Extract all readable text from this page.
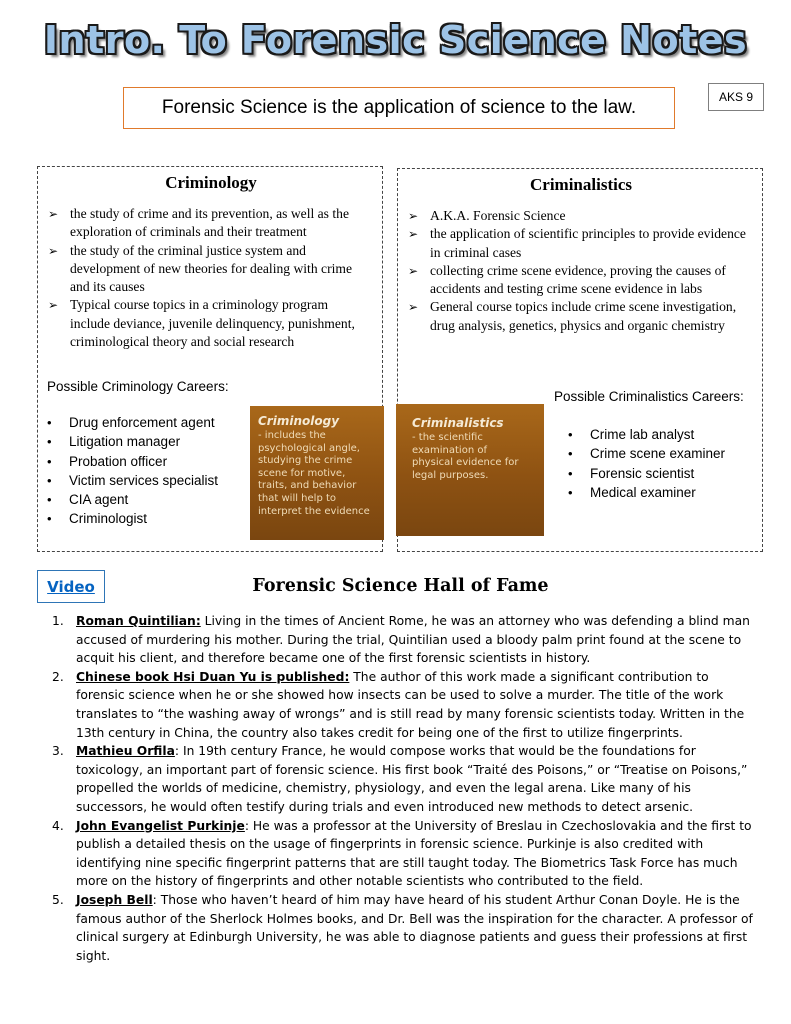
Intro. To Forensic Science Notes
Forensic Science is the application of science to the law.	AKS 9
Criminology
➢ the study of crime and its prevention, as well as the exploration of criminals and their treatment
➢ the study of the criminal justice system and development of new theories for dealing with crime and its causes
➢ Typical course topics in a criminology program include deviance, juvenile delinquency, punishment, criminological theory and social research
Possible Criminology Careers:
• Drug enforcement agent
• Litigation manager
• Probation officer
• Victim services specialist
• CIA agent
• Criminologist
Criminology
- includes the
psychological angle,
studying the crime
scene for motive,
traits, and behavior
that will help to
interpret the evidence
Criminalistics
➢ A.K.A. Forensic Science
➢ the application of scientific principles to provide evidence in criminal cases
➢ collecting crime scene evidence, proving the causes of accidents and testing crime scene evidence in labs
➢ General course topics include crime scene investigation, drug analysis, genetics, physics and organic chemistry
Possible Criminalistics Careers:
• Crime lab analyst
• Crime scene examiner
• Forensic scientist
• Medical examiner
Criminalistics
- the scientific
examination of
physical evidence for
legal purposes.
Video	Forensic Science Hall of Fame
1. Roman Quintilian: Living in the times of Ancient Rome, he was an attorney who was defending a blind man accused of murdering his mother. During the trial, Quintilian used a bloody palm print found at the scene to acquit his client, and therefore became one of the first forensic scientists in history.
2. Chinese book Hsi Duan Yu is published: The author of this work made a significant contribution to forensic science when he or she showed how insects can be used to solve a murder. The title of the work translates to “the washing away of wrongs” and is still read by many forensic scientists today. Written in the 13th century in China, the country also takes credit for being one of the first to utilize fingerprints.
3. Mathieu Orfila: In 19th century France, he would compose works that would be the foundations for toxicology, an important part of forensic science. His first book “Traité des Poisons,” or “Treatise on Poisons,” propelled the worlds of medicine, chemistry, physiology, and even the legal arena. Like many of his successors, he would often testify during trials and even introduced new methods to detect arsenic.
4. John Evangelist Purkinje: He was a professor at the University of Breslau in Czechoslovakia and the first to publish a detailed thesis on the usage of fingerprints in forensic science. Purkinje is also credited with identifying nine specific fingerprint patterns that are still taught today. The Biometrics Task Force has much more on the history of fingerprints and other notable scientists who contributed to the field.
5. Joseph Bell: Those who haven’t heard of him may have heard of his student Arthur Conan Doyle. He is the famous author of the Sherlock Holmes books, and Dr. Bell was the inspiration for the character. A professor of clinical surgery at Edinburgh University, he was able to diagnose patients and guess their professions at first sight.
